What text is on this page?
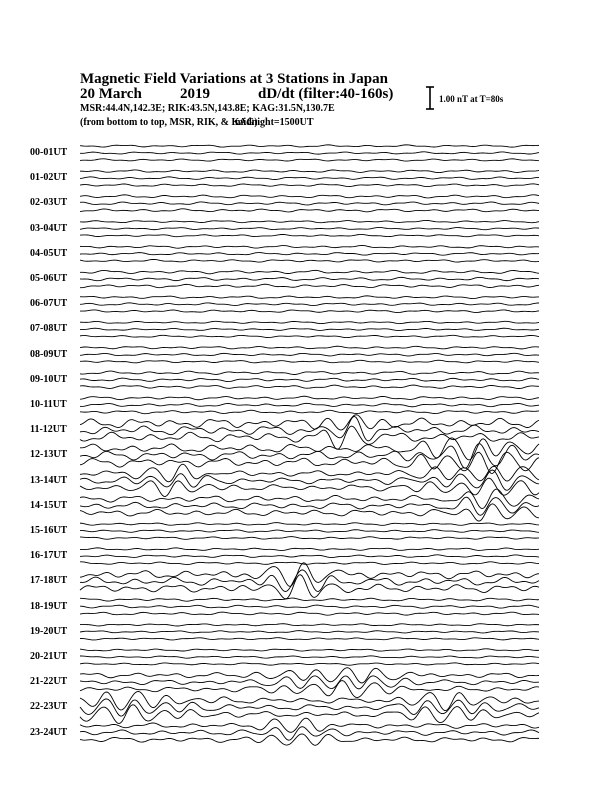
Magnetic Field Variations at 3 Stations in Japan
20 March	2019	dD/dt (filter:40-160s)
MSR:44.4N,142.3E; RIK:43.5N,143.8E; KAG:31.5N,130.7E
(from bottom to top, MSR, RIK, & KAG)
midnight=1500UT
1.00 nT at T=80s
00-01UT
01-02UT
02-03UT
03-04UT
04-05UT
05-06UT
06-07UT
07-08UT
08-09UT
09-10UT
10-11UT
11-12UT
12-13UT
13-14UT
14-15UT
15-16UT
16-17UT
17-18UT
18-19UT
19-20UT
20-21UT
21-22UT
22-23UT
23-24UT
